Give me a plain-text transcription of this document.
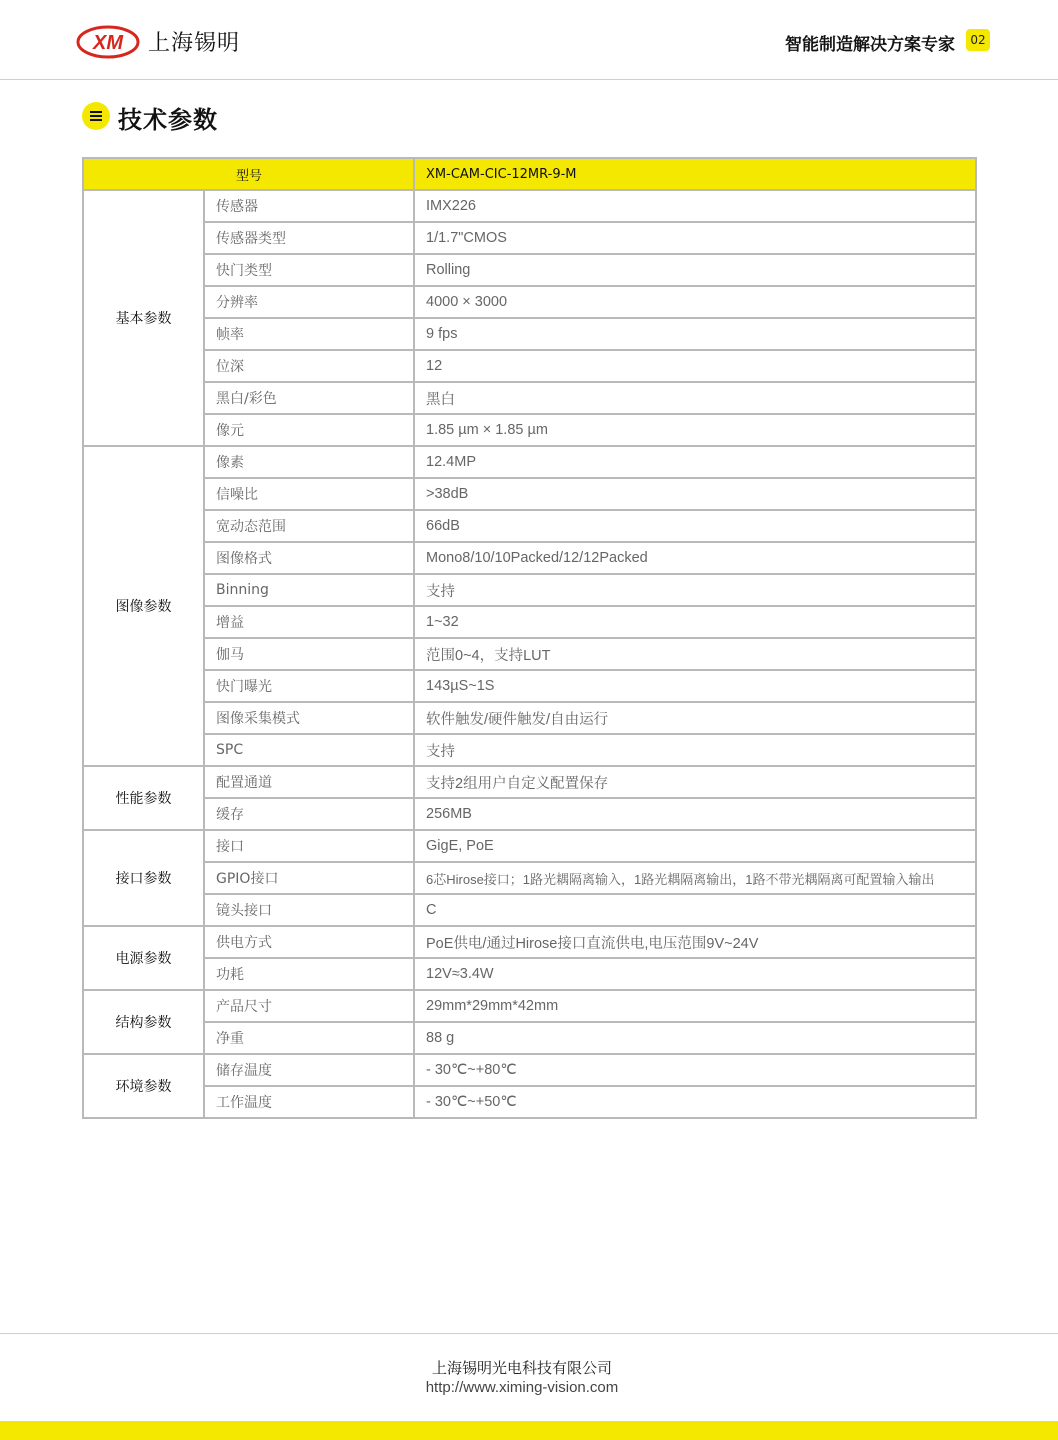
XM 上海锡明	智能制造解决方案专家	02
技术参数
型号		XM-CAM-CIC-12MR-9-M
基本参数	传感器	IMX226
	传感器类型	1/1.7"CMOS
	快门类型	Rolling
	分辨率	4000 × 3000
	帧率	9 fps
	位深	12
	黑白/彩色	黑白
	像元	1.85 µm × 1.85 µm
图像参数	像素	12.4MP
	信噪比	>38dB
	宽动态范围	66dB
	图像格式	Mono8/10/10Packed/12/12Packed
	Binning	支持
	增益	1~32
	伽马	范围0~4，支持LUT
	快门曝光	143µS~1S
	图像采集模式	软件触发/硬件触发/自由运行
	SPC	支持
性能参数	配置通道	支持2组用户自定义配置保存
	缓存	256MB
接口参数	接口	GigE, PoE
	GPIO接口	6芯Hirose接口；1路光耦隔离输入，1路光耦隔离输出，1路不带光耦隔离可配置输入输出
	镜头接口	C
电源参数	供电方式	PoE供电/通过Hirose接口直流供电,电压范围9V~24V
	功耗	12V≈3.4W
结构参数	产品尺寸	29mm*29mm*42mm
	净重	88 g
环境参数	储存温度	- 30℃~+80℃
	工作温度	- 30℃~+50℃
上海锡明光电科技有限公司
http://www.ximing-vision.com
